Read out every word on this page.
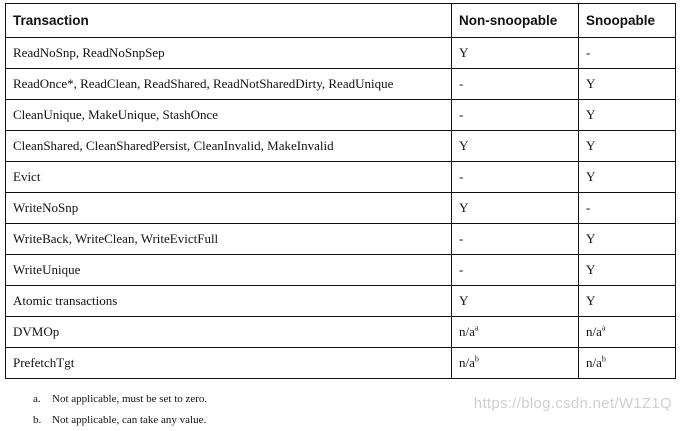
Transaction	Non-snoopable	Snoopable
ReadNoSnp, ReadNoSnpSep	Y	-
ReadOnce*, ReadClean, ReadShared, ReadNotSharedDirty, ReadUnique	-	Y
CleanUnique, MakeUnique, StashOnce	-	Y
CleanShared, CleanSharedPersist, CleanInvalid, MakeInvalid	Y	Y
Evict	-	Y
WriteNoSnp	Y	-
WriteBack, WriteClean, WriteEvictFull	-	Y
WriteUnique	-	Y
Atomic transactions	Y	Y
DVMOp	$n/a^a$	$n/a^a$
PrefetchTgt	$n/a^b$	$n/a^b$
a.	Not applicable, must be set to zero.
b. Not applicable, can take any value.
https://blog.csdn.net/W1Z1Q
